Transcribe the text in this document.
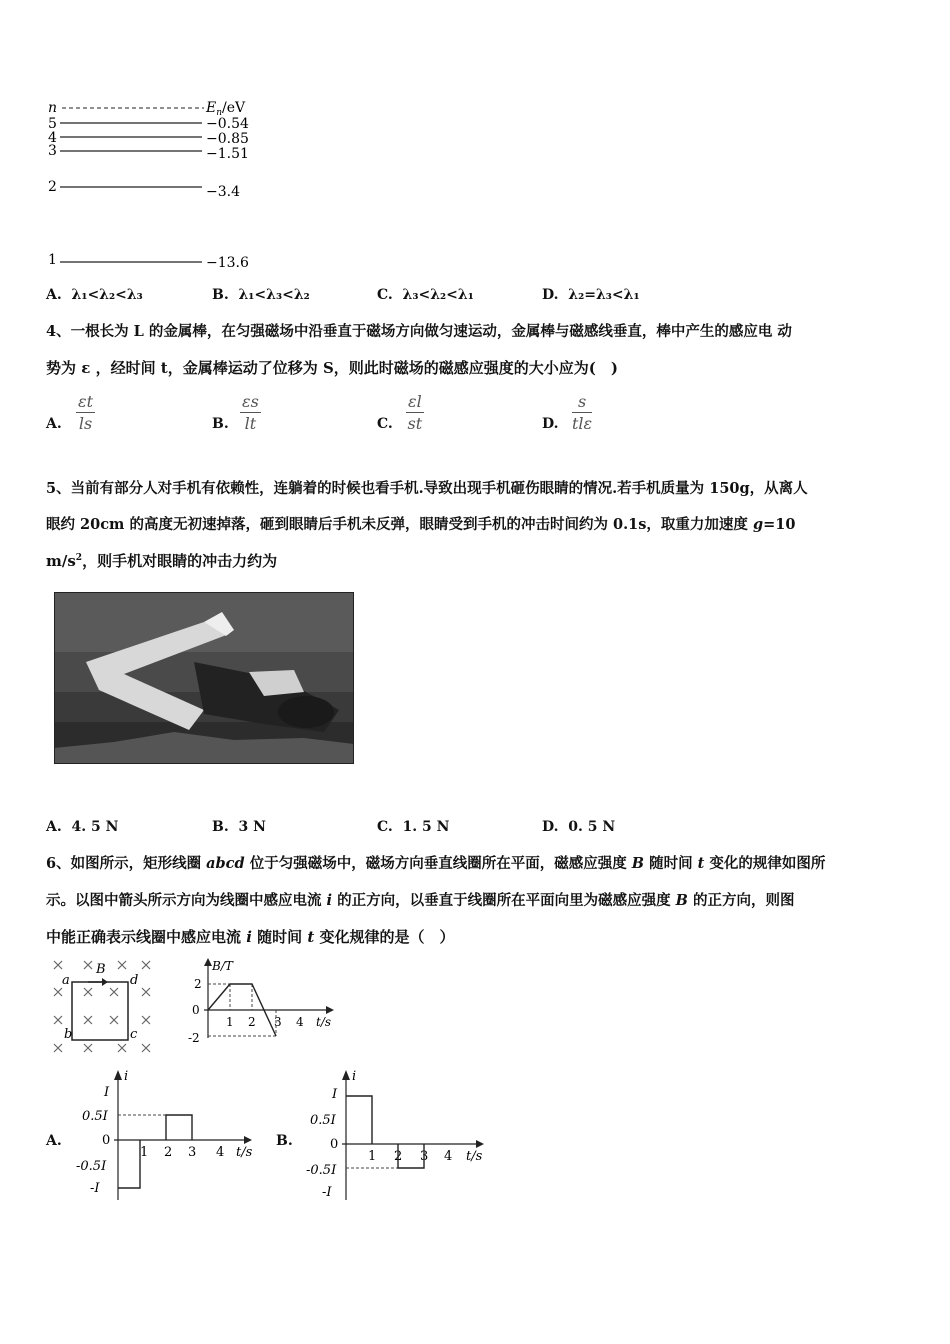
n	$E_n/eV$
5	−0.54
4	−0.85
3	−1.51
2	−3.4
1	−13.6
A. λ₁<λ₂<λ₃	B. λ₁<λ₃<λ₂	C. λ₃<λ₂<λ₁	D. λ₂=λ₃<λ₁
4、一根长为 L 的金属棒，在匀强磁场中沿垂直于磁场方向做匀速运动，金属棒与磁感线垂直，棒中产生的感应电 动
势为 ε ，经时间 t，金属棒运动了位移为 S，则此时磁场的磁感应强度的大小应为(　)
A. $\frac{\varepsilon t}{ls}$	B. $\frac{\varepsilon s}{lt}$	C. $\frac{\varepsilon l}{st}$	D.
s
tlε
5、当前有部分人对手机有依赖性，连躺着的时候也看手机.导致出现手机砸伤眼睛的情况.若手机质量为 150g，从离人
眼约 20cm 的高度无初速掉落，砸到眼睛后手机未反弹，眼睛受到手机的冲击时间约为 0.1s，取重力加速度 g=10
$m/s^2$，则手机对眼睛的冲击力约为
A. 4. 5 N	B. 3 N	C. 1. 5 N	D. 0. 5 N
6、如图所示，矩形线圈 abcd 位于匀强磁场中，磁场方向垂直线圈所在平面，磁感应强度 B 随时间 t 变化的规律如图所
示。以图中箭头所示方向为线圈中感应电流 i 的正方向，以垂直于线圈所在平面向里为磁感应强度 B 的正方向，则图
中能正确表示线圈中感应电流 i 随时间 t 变化规律的是（　）
a	d
b	c
B	B/T
t/s
2
0
-2
1 2 3 4
A.
i
t/s
I
0.5I
0
-0.5I
-I
1 2 3 4
B.
i
t/s
I
0.5I
0
-0.5I
-I
1 2 3 4
